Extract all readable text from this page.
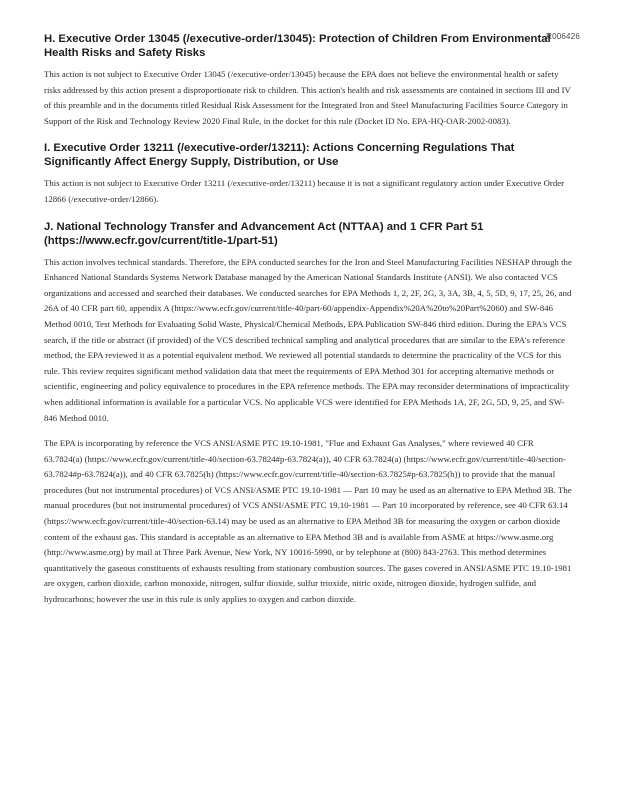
R006426
H. Executive Order 13045 (/executive-order/13045): Protection of Children From Environmental Health Risks and Safety Risks

This action is not subject to Executive Order 13045 (/executive-order/13045) because the EPA does not believe the environmental health or safety risks addressed by this action present a disproportionate risk to children. This action's health and risk assessments are contained in sections III and IV of this preamble and in the documents titled Residual Risk Assessment for the Integrated Iron and Steel Manufacturing Facilities Source Category in Support of the Risk and Technology Review 2020 Final Rule, in the docket for this rule (Docket ID No. EPA-HQ-OAR-2002-0083).

I. Executive Order 13211 (/executive-order/13211): Actions Concerning Regulations That Significantly Affect Energy Supply, Distribution, or Use

This action is not subject to Executive Order 13211 (/executive-order/13211) because it is not a significant regulatory action under Executive Order 12866 (/executive-order/12866).

J. National Technology Transfer and Advancement Act (NTTAA) and 1 CFR Part 51 (https://www.ecfr.gov/current/title-1/part-51)

This action involves technical standards. Therefore, the EPA conducted searches for the Iron and Steel Manufacturing Facilities NESHAP through the Enhanced National Standards Systems Network Database managed by the American National Standards Institute (ANSI). We also contacted VCS organizations and accessed and searched their databases. We conducted searches for EPA Methods 1, 2, 2F, 2G, 3, 3A, 3B, 4, 5, 5D, 9, 17, 25, 26, and 26A of 40 CFR part 60, appendix A (https://www.ecfr.gov/current/title-40/part-60/appendix-Appendix%20A%20to%20Part%2060) and SW-846 Method 0010, Test Methods for Evaluating Solid Waste, Physical/Chemical Methods, EPA Publication SW-846 third edition. During the EPA's VCS search, if the title or abstract (if provided) of the VCS described technical sampling and analytical procedures that are similar to the EPA's reference method, the EPA reviewed it as a potential equivalent method. We reviewed all potential standards to determine the practicality of the VCS for this rule. This review requires significant method validation data that meet the requirements of EPA Method 301 for accepting alternative methods or scientific, engineering and policy equivalence to procedures in the EPA reference methods. The EPA may reconsider determinations of impracticality when additional information is available for a particular VCS. No applicable VCS were identified for EPA Methods 1A, 2F, 2G, 5D, 9, 25, and SW-846 Method 0010.

The EPA is incorporating by reference the VCS ANSI/ASME PTC 19.10-1981, "Flue and Exhaust Gas Analyses," where reviewed 40 CFR 63.7824(a) (https://www.ecfr.gov/current/title-40/section-63.7824#p-63.7824(a)), 40 CFR 63.7824(a) (https://www.ecfr.gov/current/title-40/section-63.7824#p-63.7824(a)), and 40 CFR 63.7825(h) (https://www.ecfr.gov/current/title-40/section-63.7825#p-63.7825(h)) to provide that the manual procedures (but not instrumental procedures) of VCS ANSI/ASME PTC 19.10-1981 — Part 10 may be used as an alternative to EPA Method 3B. The manual procedures (but not instrumental procedures) of VCS ANSI/ASME PTC 19.10-1981 — Part 10 incorporated by reference, see 40 CFR 63.14 (https://www.ecfr.gov/current/title-40/section-63.14) may be used as an alternative to EPA Method 3B for measuring the oxygen or carbon dioxide content of the exhaust gas. This standard is acceptable as an alternative to EPA Method 3B and is available from ASME at https://www.asme.org (http://www.asme.org) by mail at Three Park Avenue, New York, NY 10016-5990, or by telephone at (800) 843-2763. This method determines quantitatively the gaseous constituents of exhausts resulting from stationary combustion sources. The gases covered in ANSI/ASME PTC 19.10-1981 are oxygen, carbon dioxide, carbon monoxide, nitrogen, sulfur dioxide, sulfur trioxide, nitric oxide, nitrogen dioxide, hydrogen sulfide, and hydrocarbons; however the use in this rule is only applies to oxygen and carbon dioxide.
